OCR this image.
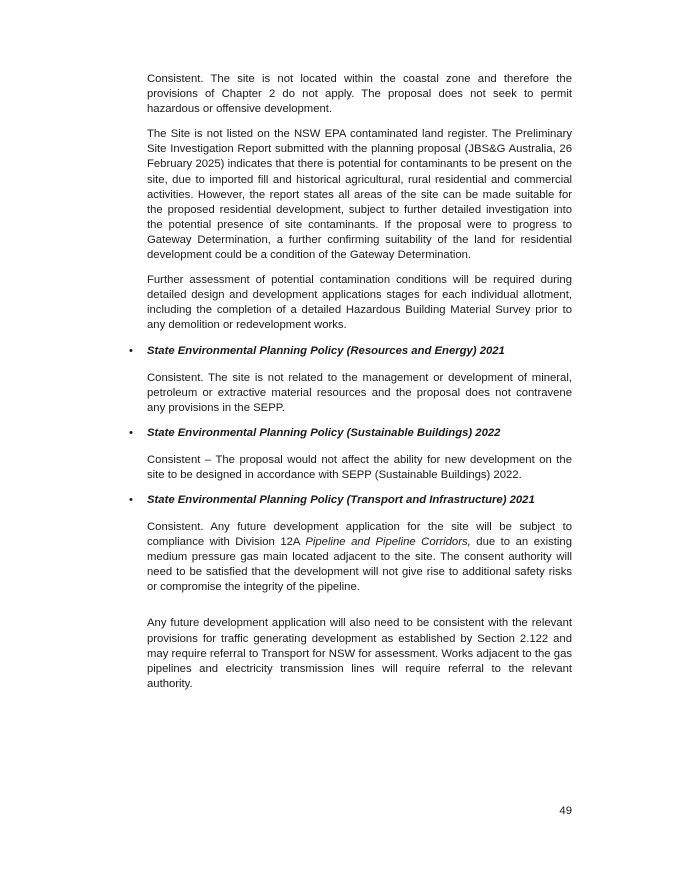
Consistent. The site is not located within the coastal zone and therefore the provisions of Chapter 2 do not apply. The proposal does not seek to permit hazardous or offensive development.

The Site is not listed on the NSW EPA contaminated land register. The Preliminary Site Investigation Report submitted with the planning proposal (JBS&G Australia, 26 February 2025) indicates that there is potential for contaminants to be present on the site, due to imported fill and historical agricultural, rural residential and commercial activities. However, the report states all areas of the site can be made suitable for the proposed residential development, subject to further detailed investigation into the potential presence of site contaminants. If the proposal were to progress to Gateway Determination, a further confirming suitability of the land for residential development could be a condition of the Gateway Determination.

Further assessment of potential contamination conditions will be required during detailed design and development applications stages for each individual allotment, including the completion of a detailed Hazardous Building Material Survey prior to any demolition or redevelopment works.

• State Environmental Planning Policy (Resources and Energy) 2021

Consistent. The site is not related to the management or development of mineral, petroleum or extractive material resources and the proposal does not contravene any provisions in the SEPP.

• State Environmental Planning Policy (Sustainable Buildings) 2022

Consistent – The proposal would not affect the ability for new development on the site to be designed in accordance with SEPP (Sustainable Buildings) 2022.

• State Environmental Planning Policy (Transport and Infrastructure) 2021

Consistent. Any future development application for the site will be subject to compliance with Division 12A Pipeline and Pipeline Corridors, due to an existing medium pressure gas main located adjacent to the site. The consent authority will need to be satisfied that the development will not give rise to additional safety risks or compromise the integrity of the pipeline.

Any future development application will also need to be consistent with the relevant provisions for traffic generating development as established by Section 2.122 and may require referral to Transport for NSW for assessment. Works adjacent to the gas pipelines and electricity transmission lines will require referral to the relevant authority.

49
